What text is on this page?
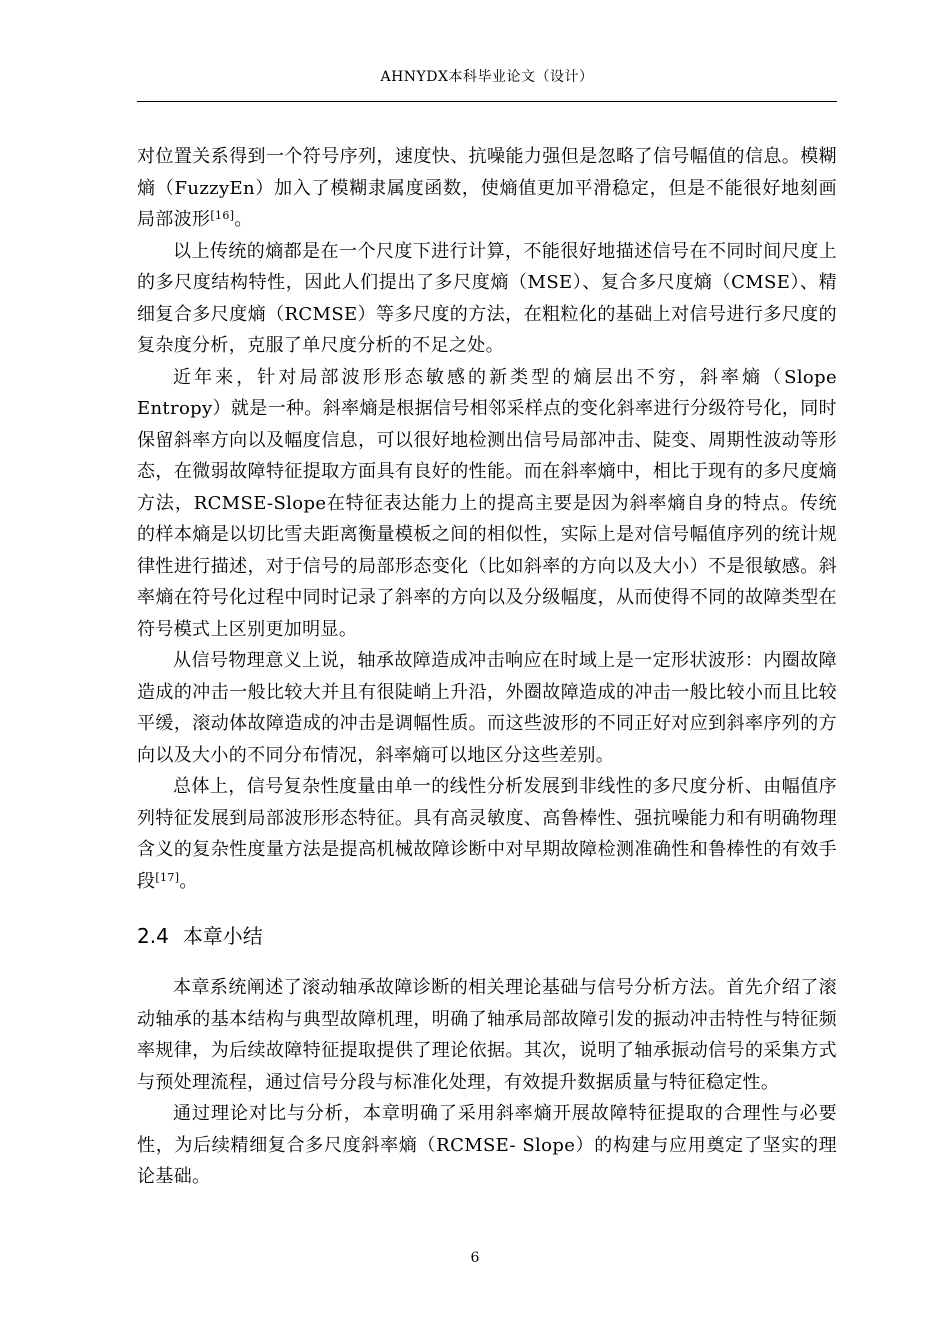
AHNYDX本科毕业论文（设计）

对位置关系得到一个符号序列，速度快、抗噪能力强但是忽略了信号幅值的信息。模糊熵（FuzzyEn）加入了模糊隶属度函数，使熵值更加平滑稳定，但是不能很好地刻画局部波形[16]。

以上传统的熵都是在一个尺度下进行计算，不能很好地描述信号在不同时间尺度上的多尺度结构特性，因此人们提出了多尺度熵（MSE）、复合多尺度熵（CMSE）、精细复合多尺度熵（RCMSE）等多尺度的方法，在粗粒化的基础上对信号进行多尺度的复杂度分析，克服了单尺度分析的不足之处。

近年来，针对局部波形形态敏感的新类型的熵层出不穷，斜率熵（Slope Entropy）就是一种。斜率熵是根据信号相邻采样点的变化斜率进行分级符号化，同时保留斜率方向以及幅度信息，可以很好地检测出信号局部冲击、陡变、周期性波动等形态，在微弱故障特征提取方面具有良好的性能。而在斜率熵中，相比于现有的多尺度熵方法，RCMSE-Slope在特征表达能力上的提高主要是因为斜率熵自身的特点。传统的样本熵是以切比雪夫距离衡量模板之间的相似性，实际上是对信号幅值序列的统计规律性进行描述，对于信号的局部形态变化（比如斜率的方向以及大小）不是很敏感。斜率熵在符号化过程中同时记录了斜率的方向以及分级幅度，从而使得不同的故障类型在符号模式上区别更加明显。

从信号物理意义上说，轴承故障造成冲击响应在时域上是一定形状波形：内圈故障造成的冲击一般比较大并且有很陡峭上升沿，外圈故障造成的冲击一般比较小而且比较平缓，滚动体故障造成的冲击是调幅性质。而这些波形的不同正好对应到斜率序列的方向以及大小的不同分布情况，斜率熵可以地区分这些差别。

总体上，信号复杂性度量由单一的线性分析发展到非线性的多尺度分析、由幅值序列特征发展到局部波形形态特征。具有高灵敏度、高鲁棒性、强抗噪能力和有明确物理含义的复杂性度量方法是提高机械故障诊断中对早期故障检测准确性和鲁棒性的有效手段[17]。

2.4 本章小结

本章系统阐述了滚动轴承故障诊断的相关理论基础与信号分析方法。首先介绍了滚动轴承的基本结构与典型故障机理，明确了轴承局部故障引发的振动冲击特性与特征频率规律，为后续故障特征提取提供了理论依据。其次，说明了轴承振动信号的采集方式与预处理流程，通过信号分段与标准化处理，有效提升数据质量与特征稳定性。

通过理论对比与分析，本章明确了采用斜率熵开展故障特征提取的合理性与必要性，为后续精细复合多尺度斜率熵（RCMSE- Slope）的构建与应用奠定了坚实的理论基础。

6
